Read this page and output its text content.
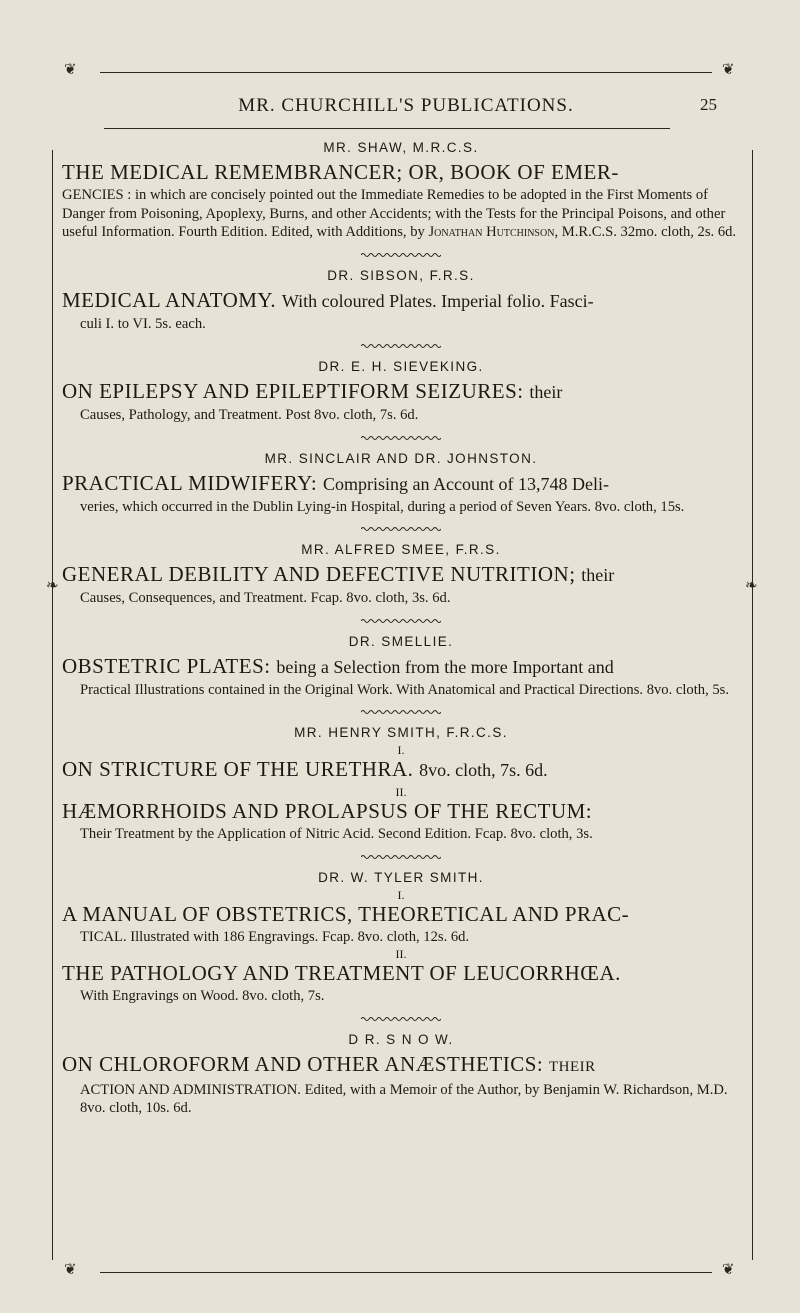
❦	❦
MR. CHURCHILL'S PUBLICATIONS.	25
❧	❧
MR. SHAW, M.R.C.S.
THE MEDICAL REMEMBRANCER; OR, BOOK OF EMER-
GENCIES : in which are concisely pointed out the Immediate Remedies to be adopted in the First Moments of Danger from Poisoning, Apoplexy, Burns, and other Accidents; with the Tests for the Principal Poisons, and other useful Information. Fourth Edition. Edited, with Additions, by Jonathan Hutchinson, M.R.C.S. 32mo. cloth, 2s. 6d.
DR. SIBSON, F.R.S.
MEDICAL ANATOMY. With coloured Plates. Imperial folio. Fasci-
culi I. to VI. 5s. each.
DR. E. H. SIEVEKING.
ON EPILEPSY AND EPILEPTIFORM SEIZURES: their
Causes, Pathology, and Treatment. Post 8vo. cloth, 7s. 6d.
MR. SINCLAIR AND DR. JOHNSTON.
PRACTICAL MIDWIFERY: Comprising an Account of 13,748 Deli-
veries, which occurred in the Dublin Lying-in Hospital, during a period of Seven Years. 8vo. cloth, 15s.
MR. ALFRED SMEE, F.R.S.
GENERAL DEBILITY AND DEFECTIVE NUTRITION; their
Causes, Consequences, and Treatment. Fcap. 8vo. cloth, 3s. 6d.
DR. SMELLIE.
OBSTETRIC PLATES: being a Selection from the more Important and
Practical Illustrations contained in the Original Work. With Anatomical and Practical Directions. 8vo. cloth, 5s.
MR. HENRY SMITH, F.R.C.S.
I.
ON STRICTURE OF THE URETHRA. 8vo. cloth, 7s. 6d.
II.
HÆMORRHOIDS AND PROLAPSUS OF THE RECTUM:
Their Treatment by the Application of Nitric Acid. Second Edition. Fcap. 8vo. cloth, 3s.
DR. W. TYLER SMITH.
I.
A MANUAL OF OBSTETRICS, THEORETICAL AND PRAC-
TICAL. Illustrated with 186 Engravings. Fcap. 8vo. cloth, 12s. 6d.
II.
THE PATHOLOGY AND TREATMENT OF LEUCORRHŒA.
With Engravings on Wood. 8vo. cloth, 7s.
D R. S N O W.
ON CHLOROFORM AND OTHER ANÆSTHETICS: THEIR
ACTION AND ADMINISTRATION. Edited, with a Memoir of the Author, by Benjamin W. Richardson, M.D. 8vo. cloth, 10s. 6d.
❦	❦
